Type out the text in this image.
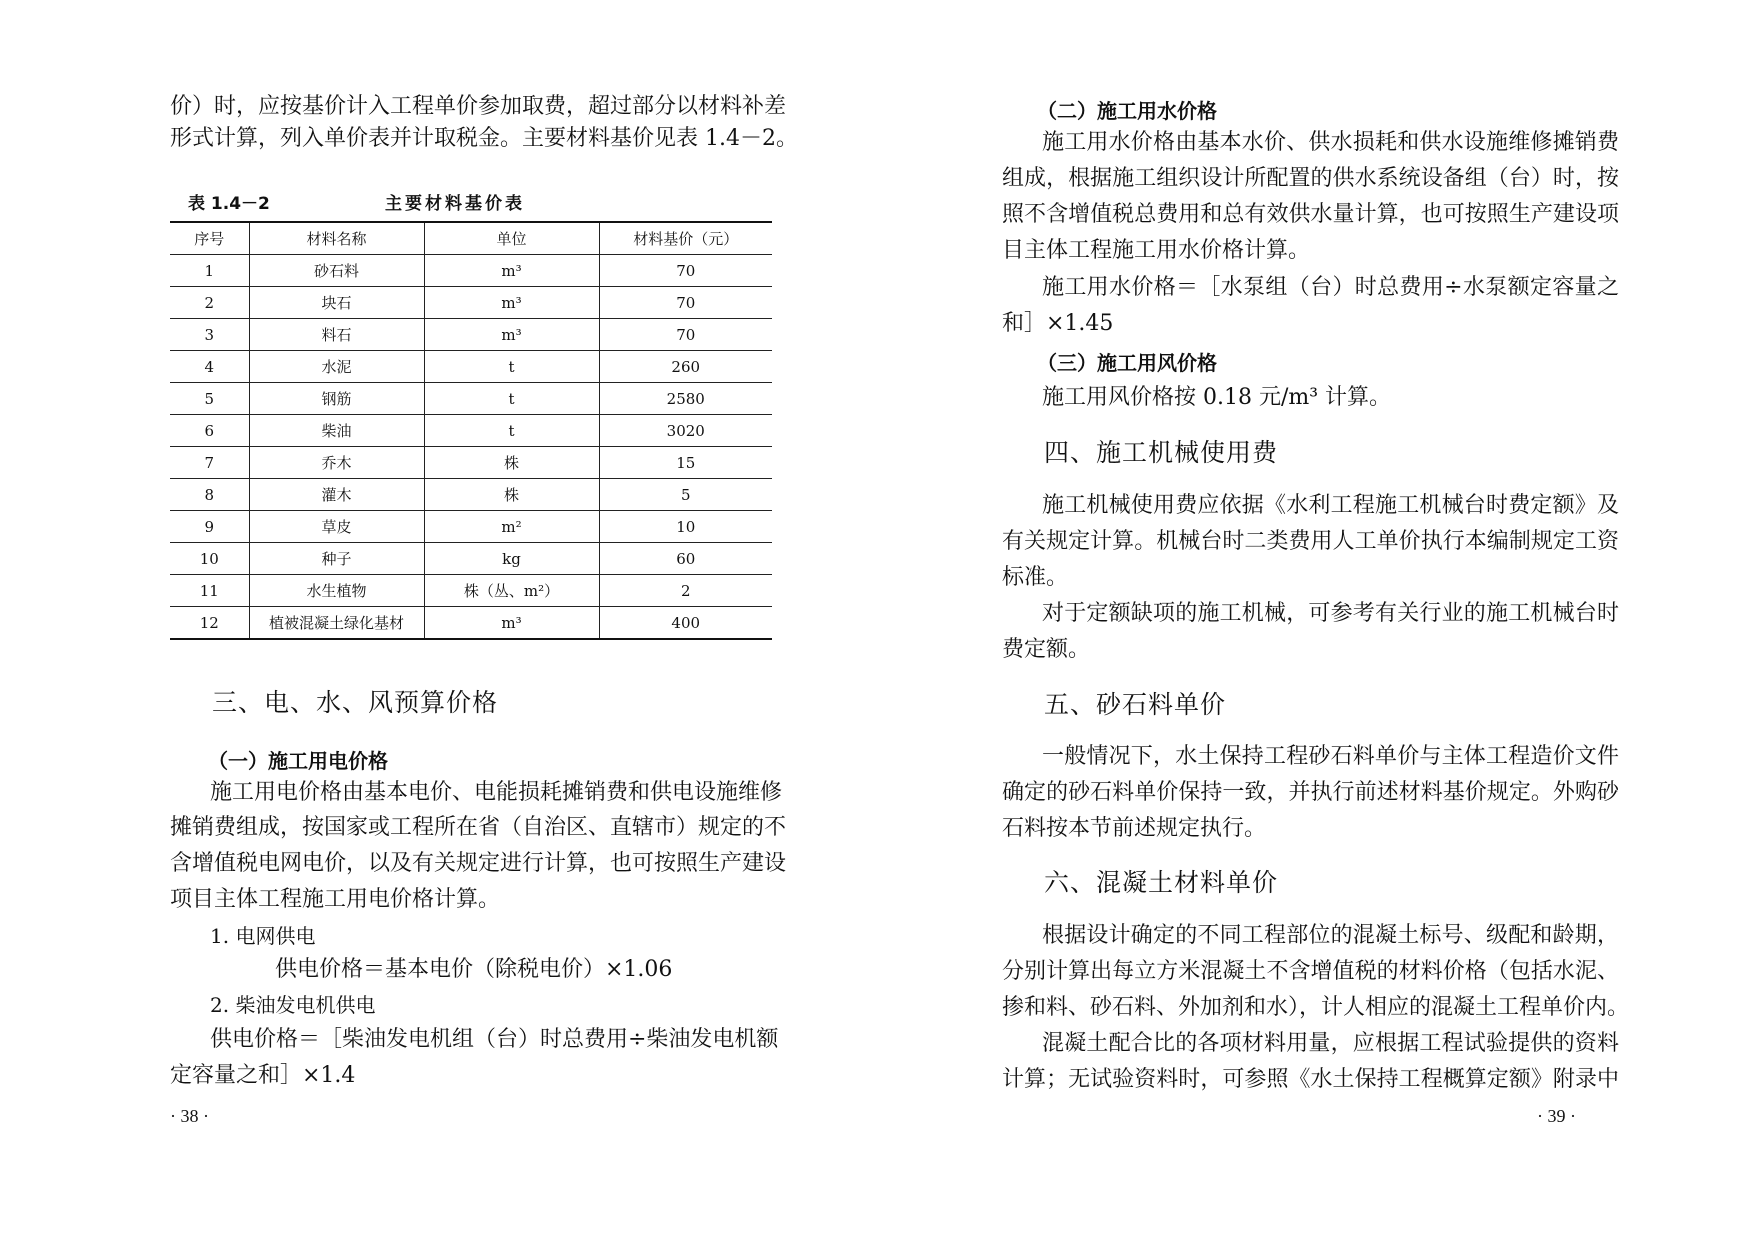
价）时，应按基价计入工程单价参加取费，超过部分以材料补差
形式计算，列入单价表并计取税金。主要材料基价见表 1.4－2。
表 1.4－2	主要材料基价表
序号	材料名称	单位	材料基价（元）
1	砂石料	m³	70
2	块石	m³	70
3	料石	m³	70
4	水泥	t	260
5	钢筋	t	2580
6	柴油	t	3020
7	乔木	株	15
8	灌木	株	5
9	草皮	m²	10
10	种子	kg	60
11	水生植物	株（丛、m²）	2
12	植被混凝土绿化基材	m³	400
三、电、水、风预算价格
（一）施工用电价格
施工用电价格由基本电价、电能损耗摊销费和供电设施维修
摊销费组成，按国家或工程所在省（自治区、直辖市）规定的不
含增值税电网电价，以及有关规定进行计算，也可按照生产建设
项目主体工程施工用电价格计算。
1. 电网供电
供电价格＝基本电价（除税电价）×1.06
2. 柴油发电机供电
供电价格＝［柴油发电机组（台）时总费用÷柴油发电机额
定容量之和］×1.4
· 38 ·
（二）施工用水价格
施工用水价格由基本水价、供水损耗和供水设施维修摊销费
组成，根据施工组织设计所配置的供水系统设备组（台）时，按
照不含增值税总费用和总有效供水量计算，也可按照生产建设项
目主体工程施工用水价格计算。
施工用水价格＝［水泵组（台）时总费用÷水泵额定容量之
和］×1.45
（三）施工用风价格
施工用风价格按 0.18 元/m³ 计算。
四、施工机械使用费
施工机械使用费应依据《水利工程施工机械台时费定额》及
有关规定计算。机械台时二类费用人工单价执行本编制规定工资
标准。
对于定额缺项的施工机械，可参考有关行业的施工机械台时
费定额。
五、砂石料单价
一般情况下，水土保持工程砂石料单价与主体工程造价文件
确定的砂石料单价保持一致，并执行前述材料基价规定。外购砂
石料按本节前述规定执行。
六、混凝土材料单价
根据设计确定的不同工程部位的混凝土标号、级配和龄期，
分别计算出每立方米混凝土不含增值税的材料价格（包括水泥、
掺和料、砂石料、外加剂和水），计人相应的混凝土工程单价内。
混凝土配合比的各项材料用量，应根据工程试验提供的资料
计算；无试验资料时，可参照《水土保持工程概算定额》附录中
· 39 ·
